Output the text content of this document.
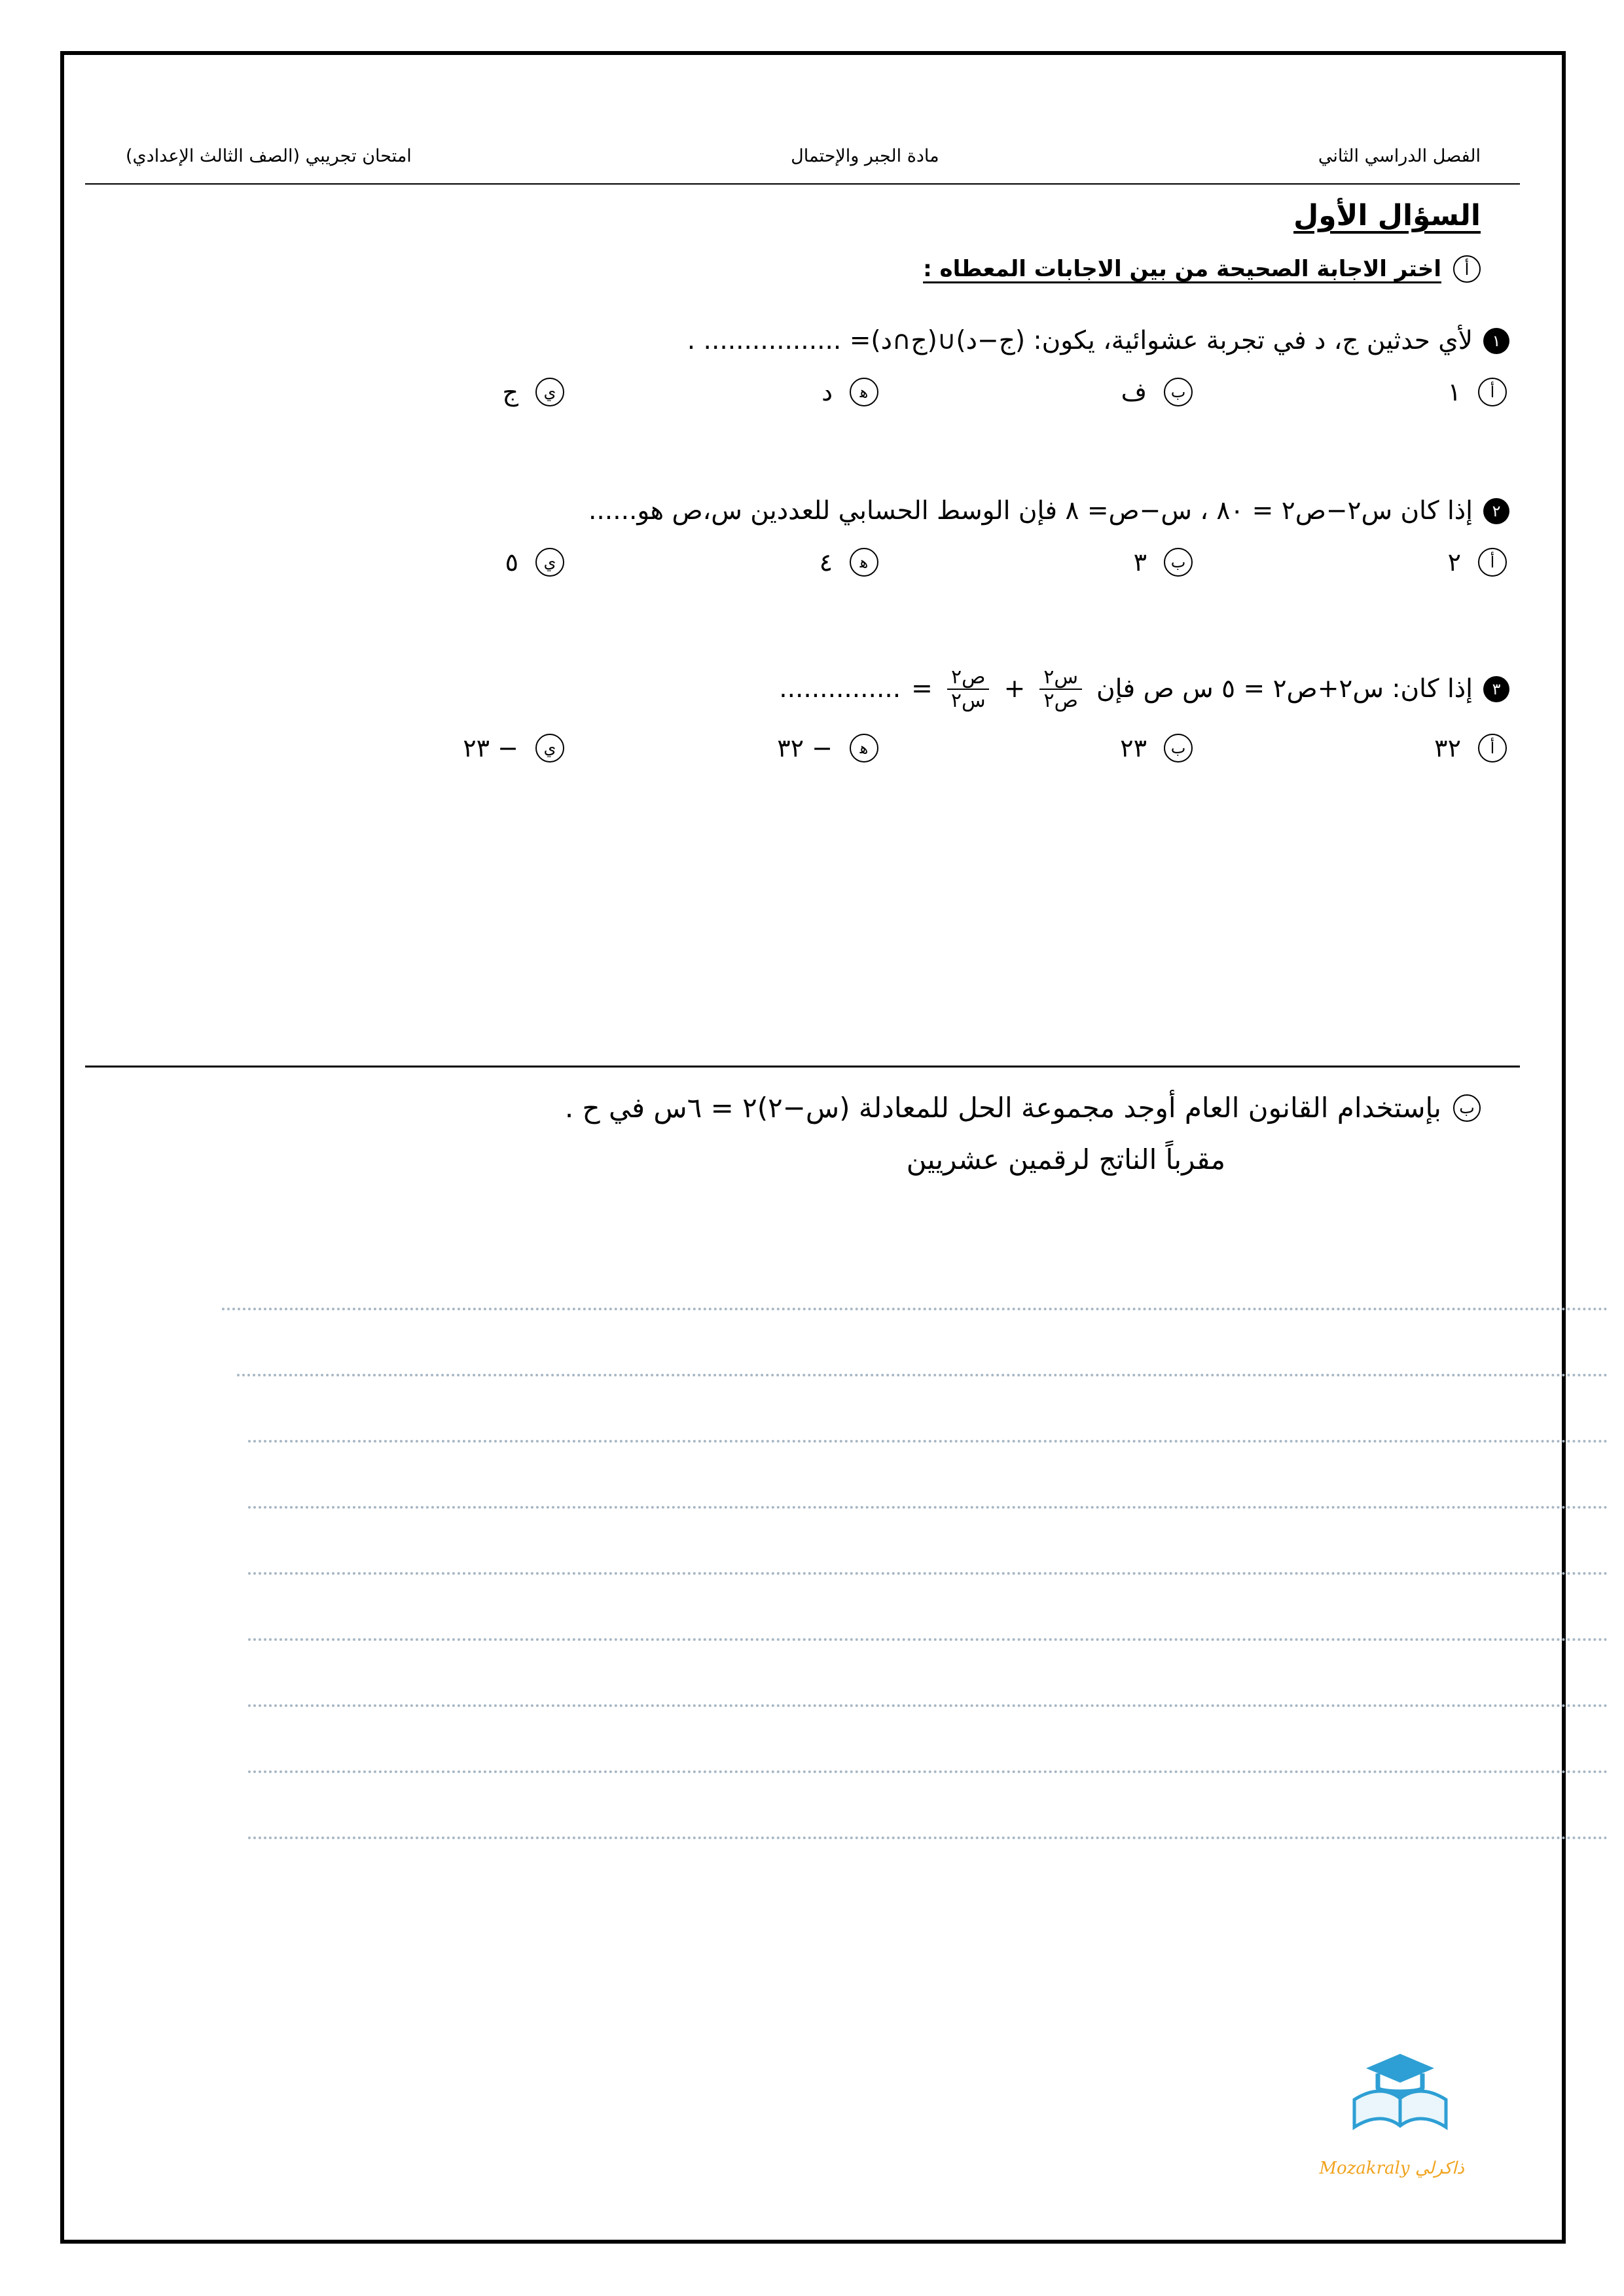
الفصل الدراسي الثاني
مادة الجبر والإحتمال
امتحان تجريبي (الصف الثالث الإعدادي)
السؤال الأول
أ
اختر الاجابة الصحيحة من بين الاجابات المعطاه :
١
لأي حدثين ج، د في تجربة عشوائية، يكون: (ج−د)∪(ج∩د)= ................. .
أ
١
ب
ف
ﻫ
د
ي
ج
٢
إذا كان س٢−ص٢ = ٨٠ ، س−ص= ٨ فإن الوسط الحسابي للعددين س،ص هو......
أ
٢
ب
٣
ﻫ
٤
ي
٥
٣
إذا كان: س٢+ص٢ = ٥ س ص فإن
$\frac{\text{س٢}}{\text{ص٢}}$
+
$\frac{\text{ص٢}}{\text{س٢}}$
=
...............
أ
٣٢
ب
٢٣
ﻫ
− ٣٢
ي
− ٢٣
ب
بإستخدام القانون العام أوجد مجموعة الحل للمعادلة (س−٢)٢ = ٦س في ح .
مقرباً الناتج لرقمين عشريين
ذاكرلي Mozakraly
